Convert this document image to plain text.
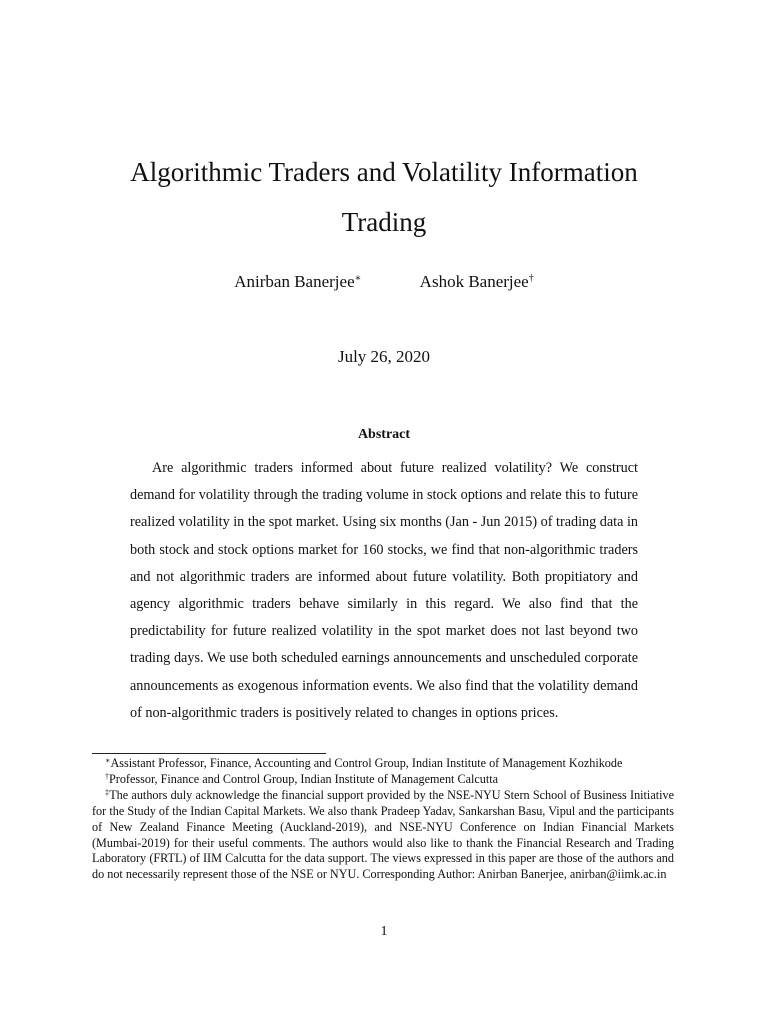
Algorithmic Traders and Volatility Information Trading
Anirban Banerjee∗	Ashok Banerjee†
July 26, 2020
Abstract

Are algorithmic traders informed about future realized volatility? We construct demand for volatility through the trading volume in stock options and relate this to future realized volatility in the spot market. Using six months (Jan - Jun 2015) of trading data in both stock and stock options market for 160 stocks, we find that non-algorithmic traders and not algorithmic traders are informed about future volatility. Both propitiatory and agency algorithmic traders behave similarly in this regard. We also find that the predictability for future realized volatility in the spot market does not last beyond two trading days. We use both scheduled earnings announcements and unscheduled corporate announcements as exogenous information events. We also find that the volatility demand of non-algorithmic traders is positively related to changes in options prices.

∗Assistant Professor, Finance, Accounting and Control Group, Indian Institute of Management Kozhikode

†Professor, Finance and Control Group, Indian Institute of Management Calcutta

‡The authors duly acknowledge the financial support provided by the NSE-NYU Stern School of Business Initiative for the Study of the Indian Capital Markets. We also thank Pradeep Yadav, Sankarshan Basu, Vipul and the participants of New Zealand Finance Meeting (Auckland-2019), and NSE-NYU Conference on Indian Financial Markets (Mumbai-2019) for their useful comments. The authors would also like to thank the Financial Research and Trading Laboratory (FRTL) of IIM Calcutta for the data support. The views expressed in this paper are those of the authors and do not necessarily represent those of the NSE or NYU. Corresponding Author: Anirban Banerjee, anirban@iimk.ac.in

1
